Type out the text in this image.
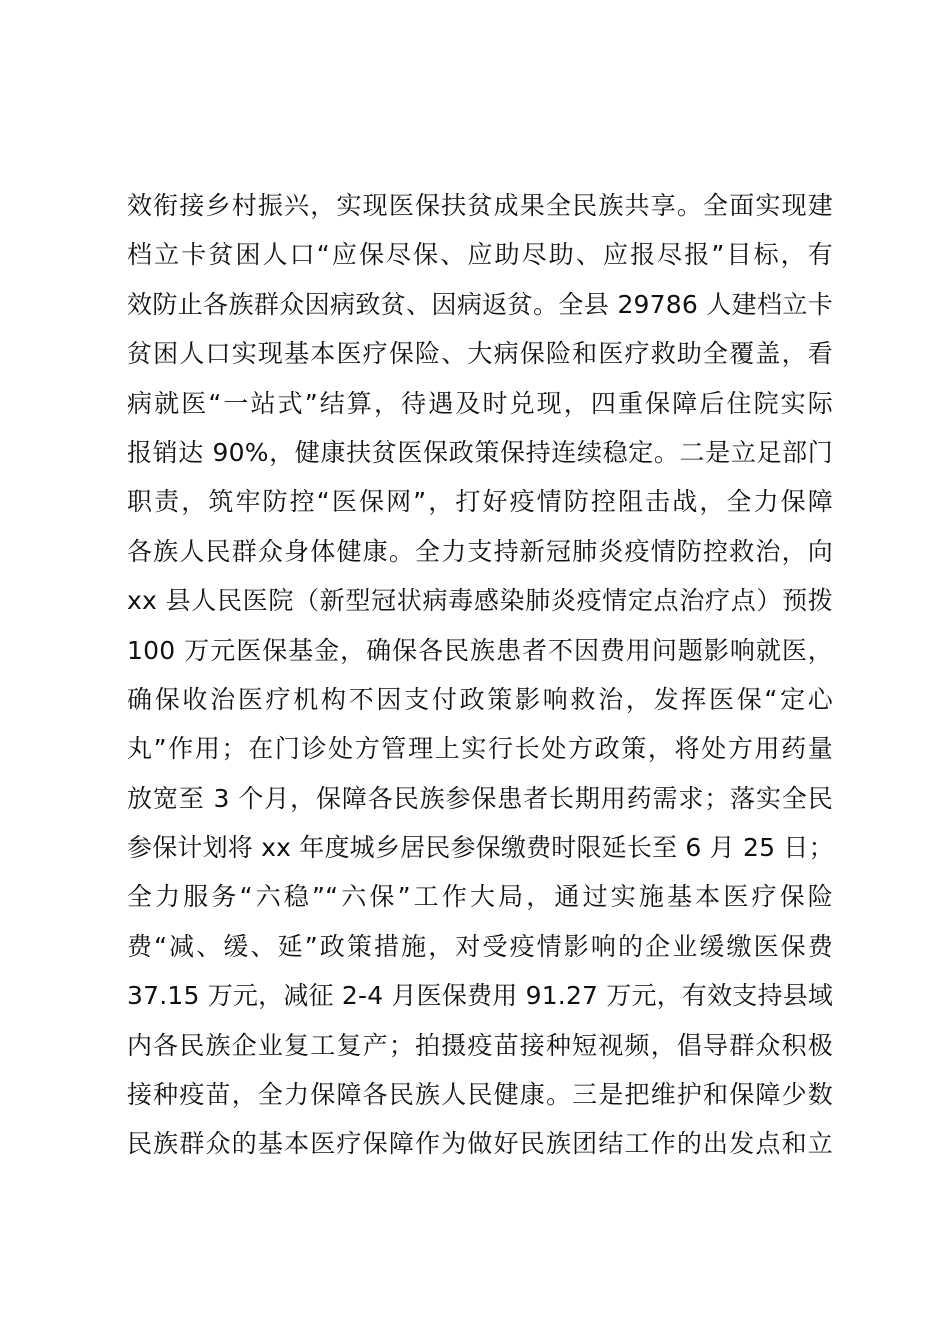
效衔接乡村振兴，实现医保扶贫成果全民族共享。全面实现建
档立卡贫困人口“应保尽保、应助尽助、应报尽报”目标，有
效防止各族群众因病致贫、因病返贫。全县 29786 人建档立卡
贫困人口实现基本医疗保险、大病保险和医疗救助全覆盖，看
病就医“一站式”结算，待遇及时兑现，四重保障后住院实际
报销达 90%，健康扶贫医保政策保持连续稳定。二是立足部门
职责，筑牢防控“医保网”，打好疫情防控阻击战，全力保障
各族人民群众身体健康。全力支持新冠肺炎疫情防控救治，向
xx 县人民医院（新型冠状病毒感染肺炎疫情定点治疗点）预拨
100 万元医保基金，确保各民族患者不因费用问题影响就医，
确保收治医疗机构不因支付政策影响救治，发挥医保“定心
丸”作用；在门诊处方管理上实行长处方政策，将处方用药量
放宽至 3 个月，保障各民族参保患者长期用药需求；落实全民
参保计划将 xx 年度城乡居民参保缴费时限延长至 6 月 25 日；
全力服务“六稳”“六保”工作大局，通过实施基本医疗保险
费“减、缓、延”政策措施，对受疫情影响的企业缓缴医保费
37.15 万元，减征 2-4 月医保费用 91.27 万元，有效支持县域
内各民族企业复工复产；拍摄疫苗接种短视频，倡导群众积极
接种疫苗，全力保障各民族人民健康。三是把维护和保障少数
民族群众的基本医疗保障作为做好民族团结工作的出发点和立
